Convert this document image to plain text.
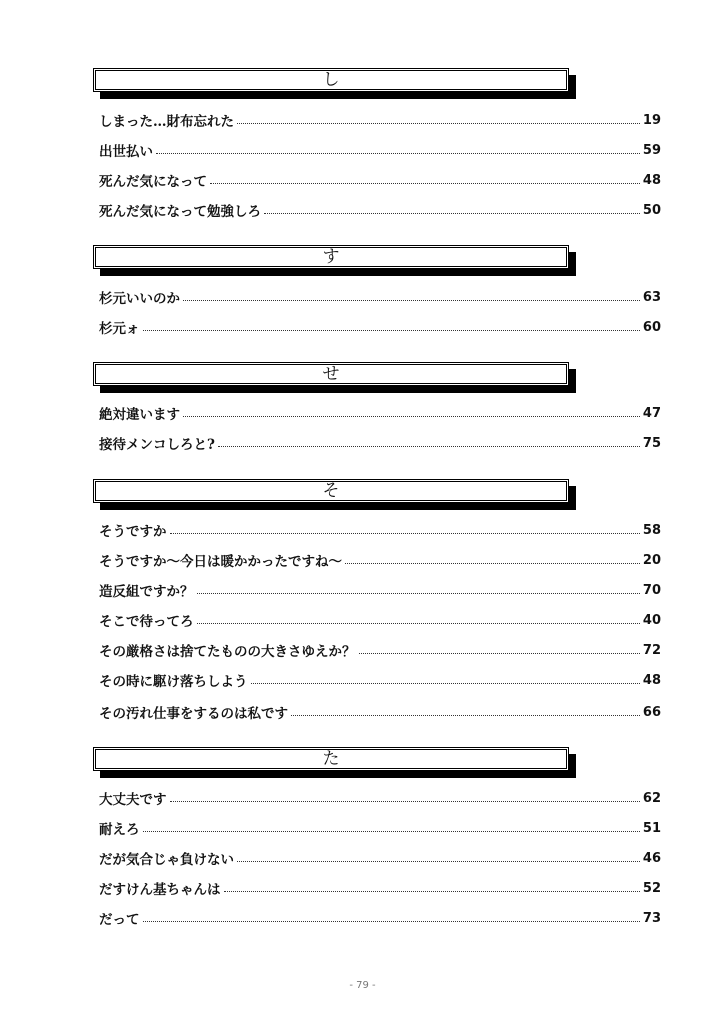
し
しまった…財布忘れた	19
出世払い	59
死んだ気になって	48
死んだ気になって勉強しろ	50
す
杉元いいのか	63
杉元ォ	60
せ
絶対違います	47
接待メンコしろと?	75
そ
そうですか	58
そうですか〜今日は暖かかったですね〜	20
造反組ですか？	70
そこで待ってろ	40
その厳格さは捨てたものの大きさゆえか？	72
その時に駆け落ちしよう	48
その汚れ仕事をするのは私です	66
た
大丈夫です	62
耐えろ	51
だが気合じゃ負けない	46
だすけん基ちゃんは	52
だって	73
- 79 -
